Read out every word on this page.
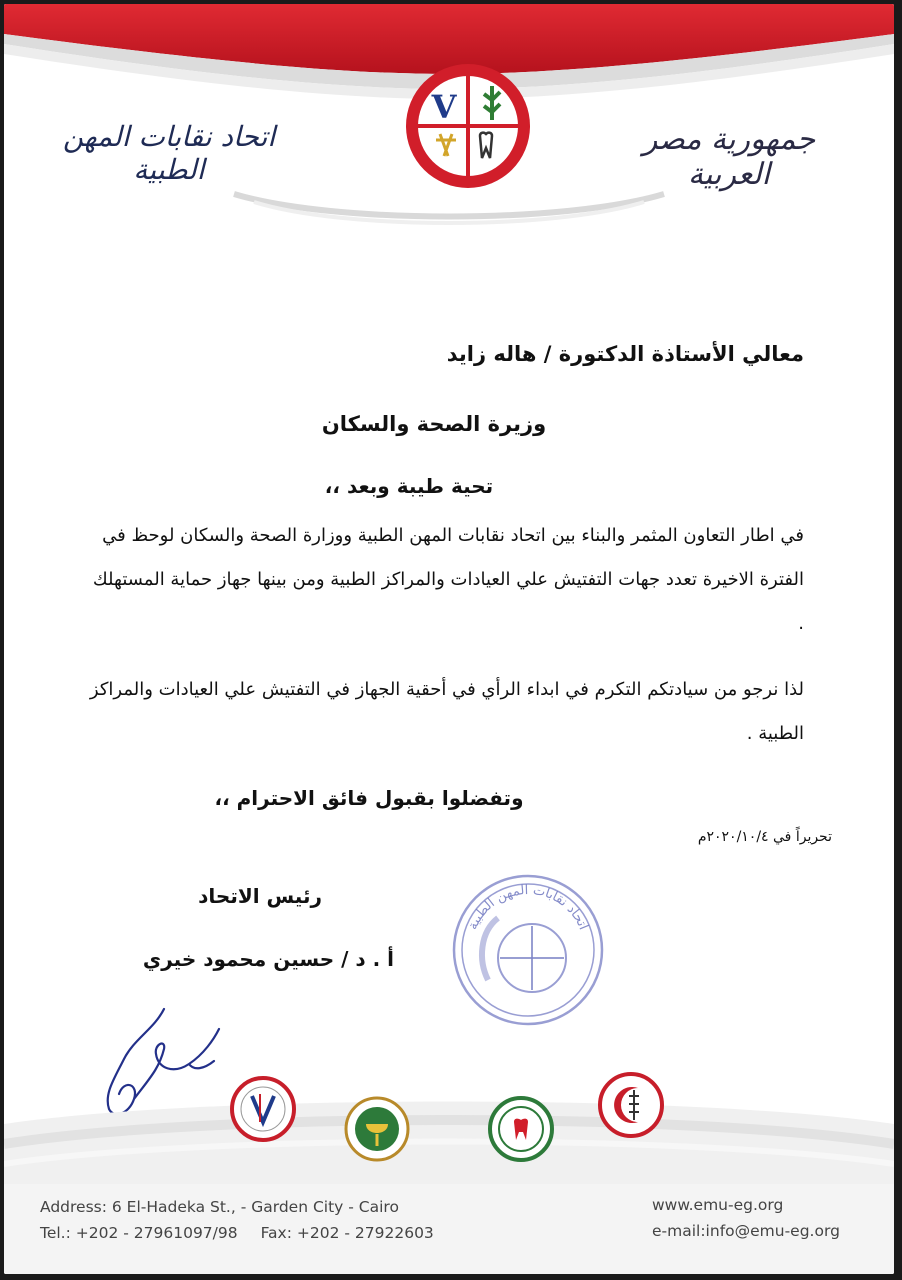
جمهورية مصر العربية
اتحاد نقابات المهن الطبية
V
معالي الأستاذة الدكتورة / هاله زايد
وزيرة الصحة والسكان
تحية طيبة وبعد ،،
في اطار التعاون المثمر والبناء بين اتحاد نقابات المهن الطبية ووزارة الصحة والسكان لوحظ في الفترة الاخيرة تعدد جهات التفتيش علي العيادات والمراكز الطبية ومن بينها جهاز حماية المستهلك .
لذا نرجو من سيادتكم التكرم في ابداء الرأي في أحقية الجهاز في التفتيش علي العيادات والمراكز الطبية .
وتفضلوا بقبول فائق الاحترام ،،
تحريراً في ٢٠٢٠/١٠/٤م
رئيس الاتحاد
أ . د / حسين محمود خيري
اتحاد نقابات المهن الطبية
Address: 6 El-Hadeka St., - Garden City - Cairo
Tel.: +202 - 27961097/98 Fax: +202 - 27922603
www.emu-eg.org
e-mail:info@emu-eg.org
